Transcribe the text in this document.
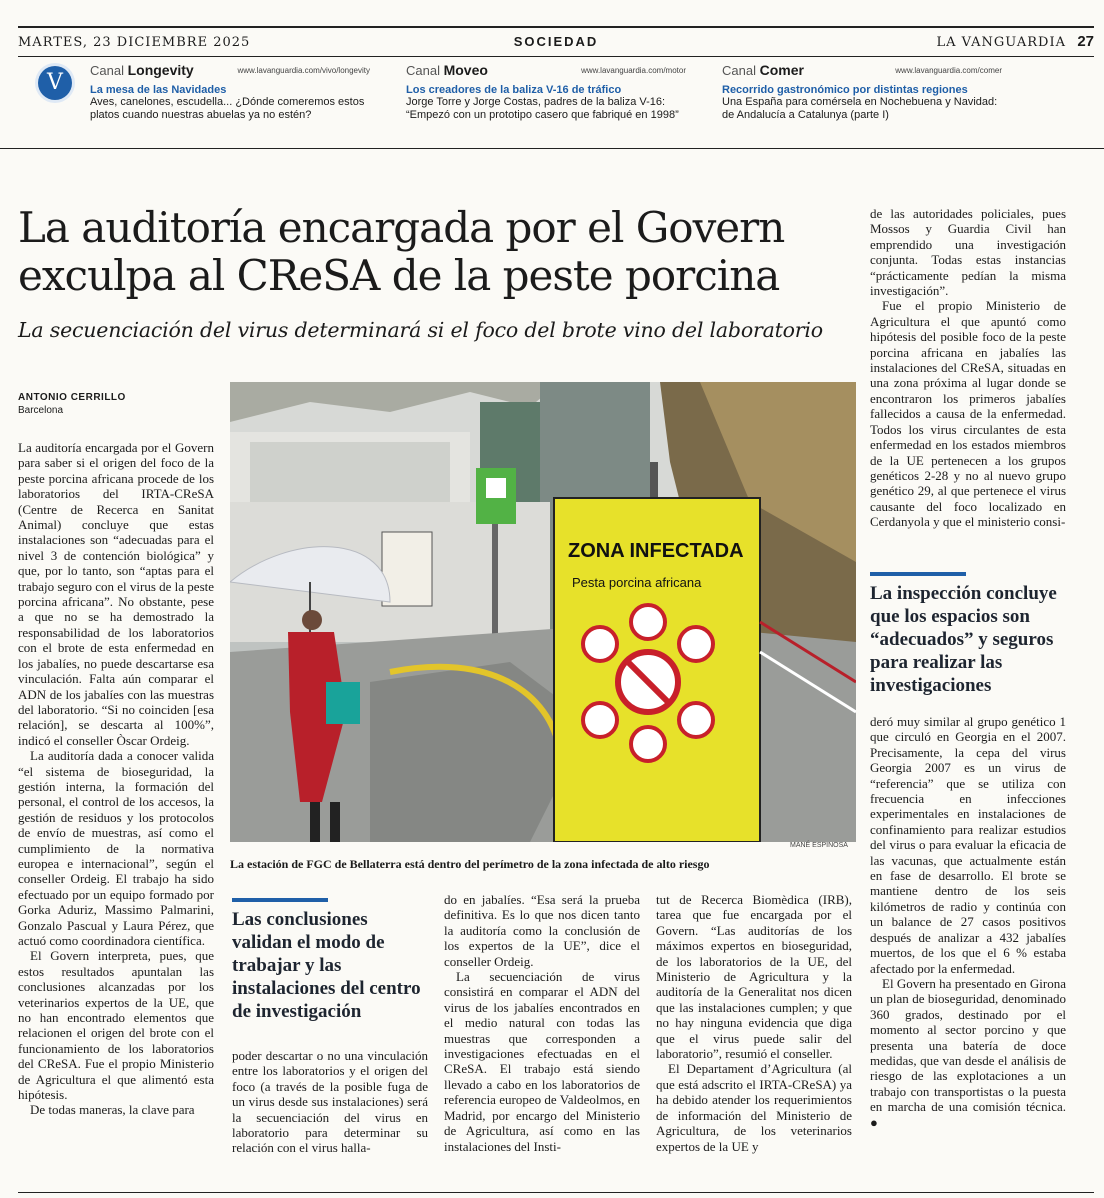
MARTES, 23 DICIEMBRE 2025	SOCIEDAD	LA VANGUARDIA 27
V	Canal Longevity	www.lavanguardia.com/vivo/longevity
La mesa de las Navidades
Aves, canelones, escudella... ¿Dónde comeremos estos platos cuando nuestras abuelas ya no estén?
Canal Moveo	www.lavanguardia.com/motor
Los creadores de la baliza V-16 de tráfico
Jorge Torre y Jorge Costas, padres de la baliza V-16: “Empezó con un prototipo casero que fabriqué en 1998”
Canal Comer	www.lavanguardia.com/comer
Recorrido gastronómico por distintas regiones
Una España para comérsela en Nochebuena y Navidad: de Andalucía a Catalunya (parte I)
La auditoría encargada por el Govern exculpa al CReSA de la peste porcina
La secuenciación del virus determinará si el foco del brote vino del laboratorio
ANTONIO CERRILLO
Barcelona

La auditoría encargada por el Govern para saber si el origen del foco de la peste porcina africana procede de los laboratorios del IRTA-CReSA (Centre de Recerca en Sanitat Animal) concluye que estas instalaciones son “adecuadas para el nivel 3 de contención biológica” y que, por lo tanto, son “aptas para el trabajo seguro con el virus de la peste porcina africana”. No obstante, pese a que no se ha demostrado la responsabilidad de los laboratorios con el brote de esta enfermedad en los jabalíes, no puede descartarse esa vinculación. Falta aún comparar el ADN de los jabalíes con las muestras del laboratorio. “Si no coinciden [esa relación], se descarta al 100%”, indicó el conseller Òscar Ordeig.

La auditoría dada a conocer valida “el sistema de bioseguridad, la gestión interna, la formación del personal, el control de los accesos, la gestión de residuos y los protocolos de envío de muestras, así como el cumplimiento de la normativa europea e internacional”, según el conseller Ordeig. El trabajo ha sido efectuado por un equipo formado por Gorka Aduriz, Massimo Palmarini, Gonzalo Pascual y Laura Pérez, que actuó como coordinadora científica.

El Govern interpreta, pues, que estos resultados apuntalan las conclusiones alcanzadas por los veterinarios expertos de la UE, que no han encontrado elementos que relacionen el origen del brote con el funcionamiento de los laboratorios del CReSA. Fue el propio Ministerio de Agricultura el que alimentó esta hipótesis.

De todas maneras, la clave para

Las conclusiones validan el modo de trabajar y las instalaciones del centro de investigación

poder descartar o no una vinculación entre los laboratorios y el origen del foco (a través de la posible fuga de un virus desde sus instalaciones) será la secuenciación del virus en laboratorio para determinar su relación con el virus halla-

do en jabalíes. “Esa será la prueba definitiva. Es lo que nos dicen tanto la auditoría como la conclusión de los expertos de la UE”, dice el conseller Ordeig.

La secuenciación de virus consistirá en comparar el ADN del virus de los jabalíes encontrados en el medio natural con todas las muestras que corresponden a investigaciones efectuadas en el CReSA. El trabajo está siendo llevado a cabo en los laboratorios de referencia europeo de Valdeolmos, en Madrid, por encargo del Ministerio de Agricultura, así como en las instalaciones del Insti-

tut de Recerca Biomèdica (IRB), tarea que fue encargada por el Govern. “Las auditorías de los máximos expertos en bioseguridad, de los laboratorios de la UE, del Ministerio de Agricultura y la auditoría de la Generalitat nos dicen que las instalaciones cumplen; y que no hay ninguna evidencia que diga que el virus puede salir del laboratorio”, resumió el conseller.

El Departament d’Agricultura (al que está adscrito el IRTA-CReSA) ya ha debido atender los requerimientos de información del Ministerio de Agricultura, de los veterinarios expertos de la UE y

de las autoridades policiales, pues Mossos y Guardia Civil han emprendido una investigación conjunta. Todas estas instancias “prácticamente pedían la misma investigación”.

Fue el propio Ministerio de Agricultura el que apuntó como hipótesis del posible foco de la peste porcina africana en jabalíes las instalaciones del CReSA, situadas en una zona próxima al lugar donde se encontraron los primeros jabalíes fallecidos a causa de la enfermedad. Todos los virus circulantes de esta enfermedad en los estados miembros de la UE pertenecen a los grupos genéticos 2-28 y no al nuevo grupo genético 29, al que pertenece el virus causante del foco localizado en Cerdanyola y que el ministerio consi-

La inspección concluye que los espacios son “adecuados” y seguros para realizar las investigaciones

deró muy similar al grupo genético 1 que circuló en Georgia en el 2007. Precisamente, la cepa del virus Georgia 2007 es un virus de “referencia” que se utiliza con frecuencia en infecciones experimentales en instalaciones de confinamiento para realizar estudios del virus o para evaluar la eficacia de las vacunas, que actualmente están en fase de desarrollo. El brote se mantiene dentro de los seis kilómetros de radio y continúa con un balance de 27 casos positivos después de analizar a 432 jabalíes muertos, de los que el 6 % estaba afectado por la enfermedad.

El Govern ha presentado en Girona un plan de bioseguridad, denominado 360 grados, destinado por el momento al sector porcino y que presenta una batería de doce medidas, que van desde el análisis de riesgo de las explotaciones a un trabajo con transportistas o la puesta en marcha de una comisión técnica. ●

ZONA INFECTADA
Pesta porcina africana
MANÉ ESPINOSA
La estación de FGC de Bellaterra está dentro del perímetro de la zona infectada de alto riesgo
